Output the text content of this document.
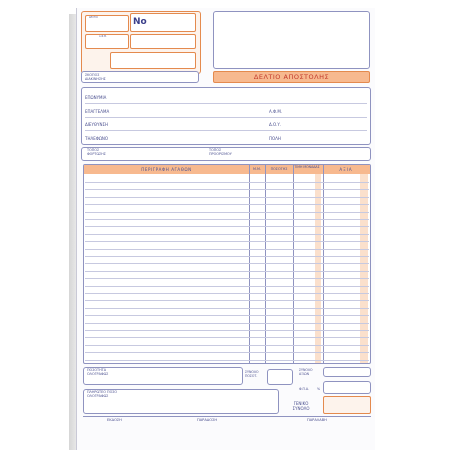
ΔΕΛΤΙΟ	No
Α.Φ.Μ.
ΔΕΛΤΙΟ ΑΠΟΣΤΟΛΗΣ
ΣΚΟΠΟΣ ΔΙΑΚΙΝΗΣΗΣ
ΕΠΩΝΥΜΙΑ
ΕΠΑΓΓΕΛΜΑ	Α.Φ.Μ.
ΔΙΕΥΘΥΝΣΗ	Δ.Ο.Υ.
ΤΗΛΕΦΩΝΟ	ΠΟΛΗ
ΤΟΠΟΣ ΦΟΡΤΩΣΗΣ
ΤΟΠΟΣ ΠΡΟΟΡΙΣΜΟΥ
ΠΕΡΙΓΡΑΦΗ ΑΓΑΘΩΝ	Μ.Μ.	ΠΟΣΟΤΗΣ	ΤΙΜΗ ΜΟΝΑΔΑΣ	ΑΞΙΑ
ΠΟΣΟΤΗΤΑ ΟΛΟΓΡΑΦΩΣ	ΣΥΝΟΛΟ ΠΟΣΟΤ.
ΣΥΝΟΛΟ ΑΞΙΩΝ
Φ.Π.Α. %
ΠΛΗΡΩΤΕΟ ΠΟΣΟ ΟΛΟΓΡΑΦΩΣ
ΓΕΝΙΚΟ ΣΥΝΟΛΟ
ΕΚΔΟΣΗ	ΠΑΡΑΔΟΣΗ	ΠΑΡΑΛΑΒΗ
